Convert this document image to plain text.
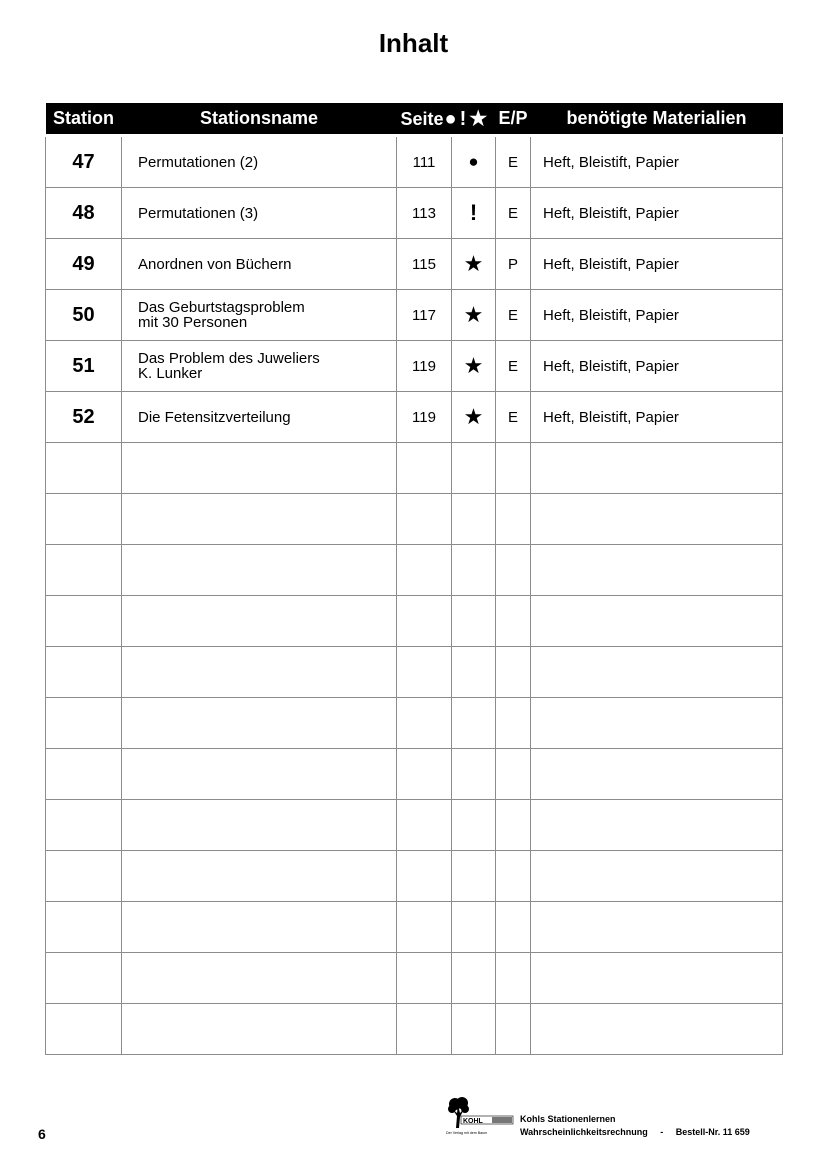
Inhalt
Station	Stationsname	Seite● ! ★		E/P	benötigte Materialien
47	Permutationen (2)	111	●	E	Heft, Bleistift, Papier
48	Permutationen (3)	113	!	E	Heft, Bleistift, Papier
49	Anordnen von Büchern	115	★	P	Heft, Bleistift, Papier
50	Das Geburtstagsproblem
mit 30 Personen	117	★	E	Heft, Bleistift, Papier
51	Das Problem des Juweliers
K. Lunker	119	★	E	Heft, Bleistift, Papier
52	Die Fetensitzverteilung	119	★	E	Heft, Bleistift, Papier

6
KOHL
Der Verlag mit dem Baum
Kohls Stationenlernen
Wahrscheinlichkeitsrechnung - Bestell-Nr. 11 659
